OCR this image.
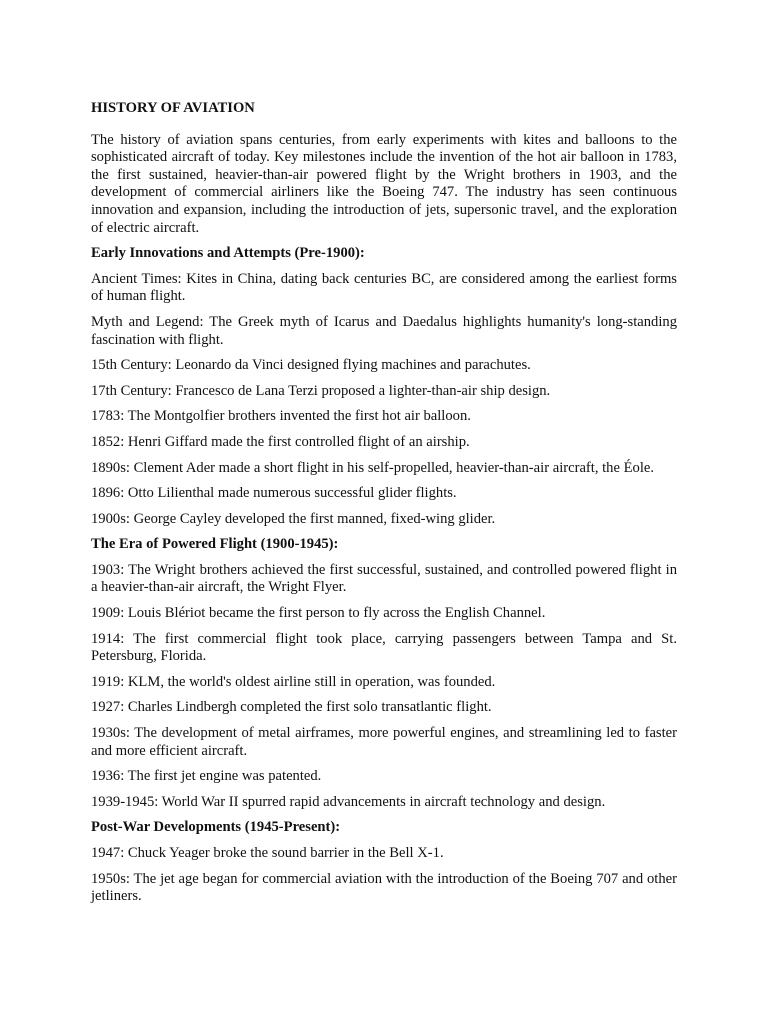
HISTORY OF AVIATION
The history of aviation spans centuries, from early experiments with kites and balloons to the sophisticated aircraft of today. Key milestones include the invention of the hot air balloon in 1783, the first sustained, heavier-than-air powered flight by the Wright brothers in 1903, and the development of commercial airliners like the Boeing 747. The industry has seen continuous innovation and expansion, including the introduction of jets, supersonic travel, and the exploration of electric aircraft.
Early Innovations and Attempts (Pre-1900):
Ancient Times: Kites in China, dating back centuries BC, are considered among the earliest forms of human flight.
Myth and Legend: The Greek myth of Icarus and Daedalus highlights humanity's long-standing fascination with flight.
15th Century: Leonardo da Vinci designed flying machines and parachutes.
17th Century: Francesco de Lana Terzi proposed a lighter-than-air ship design.
1783: The Montgolfier brothers invented the first hot air balloon.
1852: Henri Giffard made the first controlled flight of an airship.
1890s: Clement Ader made a short flight in his self-propelled, heavier-than-air aircraft, the Éole.
1896: Otto Lilienthal made numerous successful glider flights.
1900s: George Cayley developed the first manned, fixed-wing glider.
The Era of Powered Flight (1900-1945):
1903: The Wright brothers achieved the first successful, sustained, and controlled powered flight in a heavier-than-air aircraft, the Wright Flyer.
1909: Louis Blériot became the first person to fly across the English Channel.
1914: The first commercial flight took place, carrying passengers between Tampa and St. Petersburg, Florida.
1919: KLM, the world's oldest airline still in operation, was founded.
1927: Charles Lindbergh completed the first solo transatlantic flight.
1930s: The development of metal airframes, more powerful engines, and streamlining led to faster and more efficient aircraft.
1936: The first jet engine was patented.
1939-1945: World War II spurred rapid advancements in aircraft technology and design.
Post-War Developments (1945-Present):
1947: Chuck Yeager broke the sound barrier in the Bell X-1.
1950s: The jet age began for commercial aviation with the introduction of the Boeing 707 and other jetliners.
